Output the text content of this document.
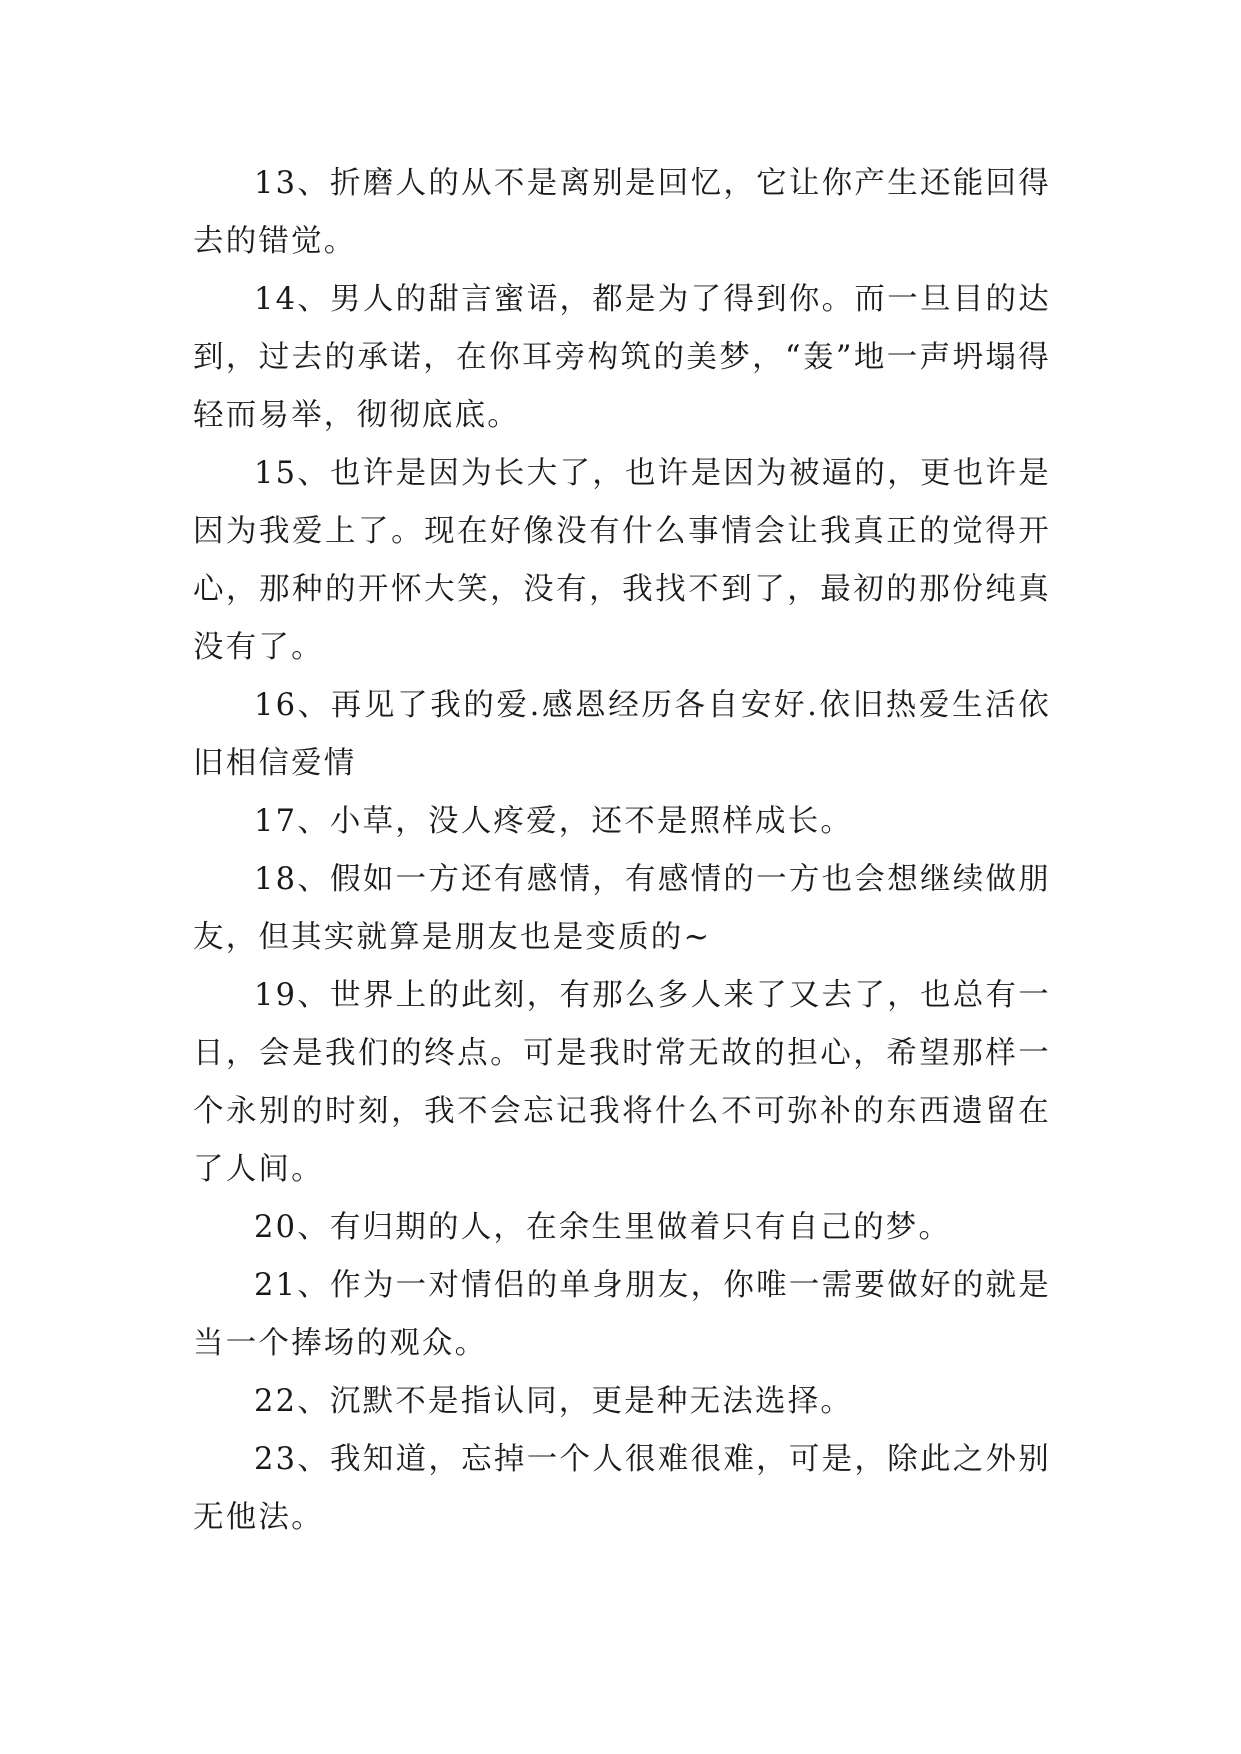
13、折磨人的从不是离别是回忆，它让你产生还能回得去的错觉。

14、男人的甜言蜜语，都是为了得到你。而一旦目的达到，过去的承诺，在你耳旁构筑的美梦，“轰”地一声坍塌得轻而易举，彻彻底底。

15、也许是因为长大了，也许是因为被逼的，更也许是因为我爱上了。现在好像没有什么事情会让我真正的觉得开心，那种的开怀大笑，没有，我找不到了，最初的那份纯真没有了。

16、再见了我的爱.感恩经历各自安好.依旧热爱生活依旧相信爱情

17、小草，没人疼爱，还不是照样成长。

18、假如一方还有感情，有感情的一方也会想继续做朋友，但其实就算是朋友也是变质的~

19、世界上的此刻，有那么多人来了又去了，也总有一日，会是我们的终点。可是我时常无故的担心，希望那样一个永别的时刻，我不会忘记我将什么不可弥补的东西遗留在了人间。

20、有归期的人，在余生里做着只有自己的梦。

21、作为一对情侣的单身朋友，你唯一需要做好的就是当一个捧场的观众。

22、沉默不是指认同，更是种无法选择。

23、我知道，忘掉一个人很难很难，可是，除此之外别无他法。
